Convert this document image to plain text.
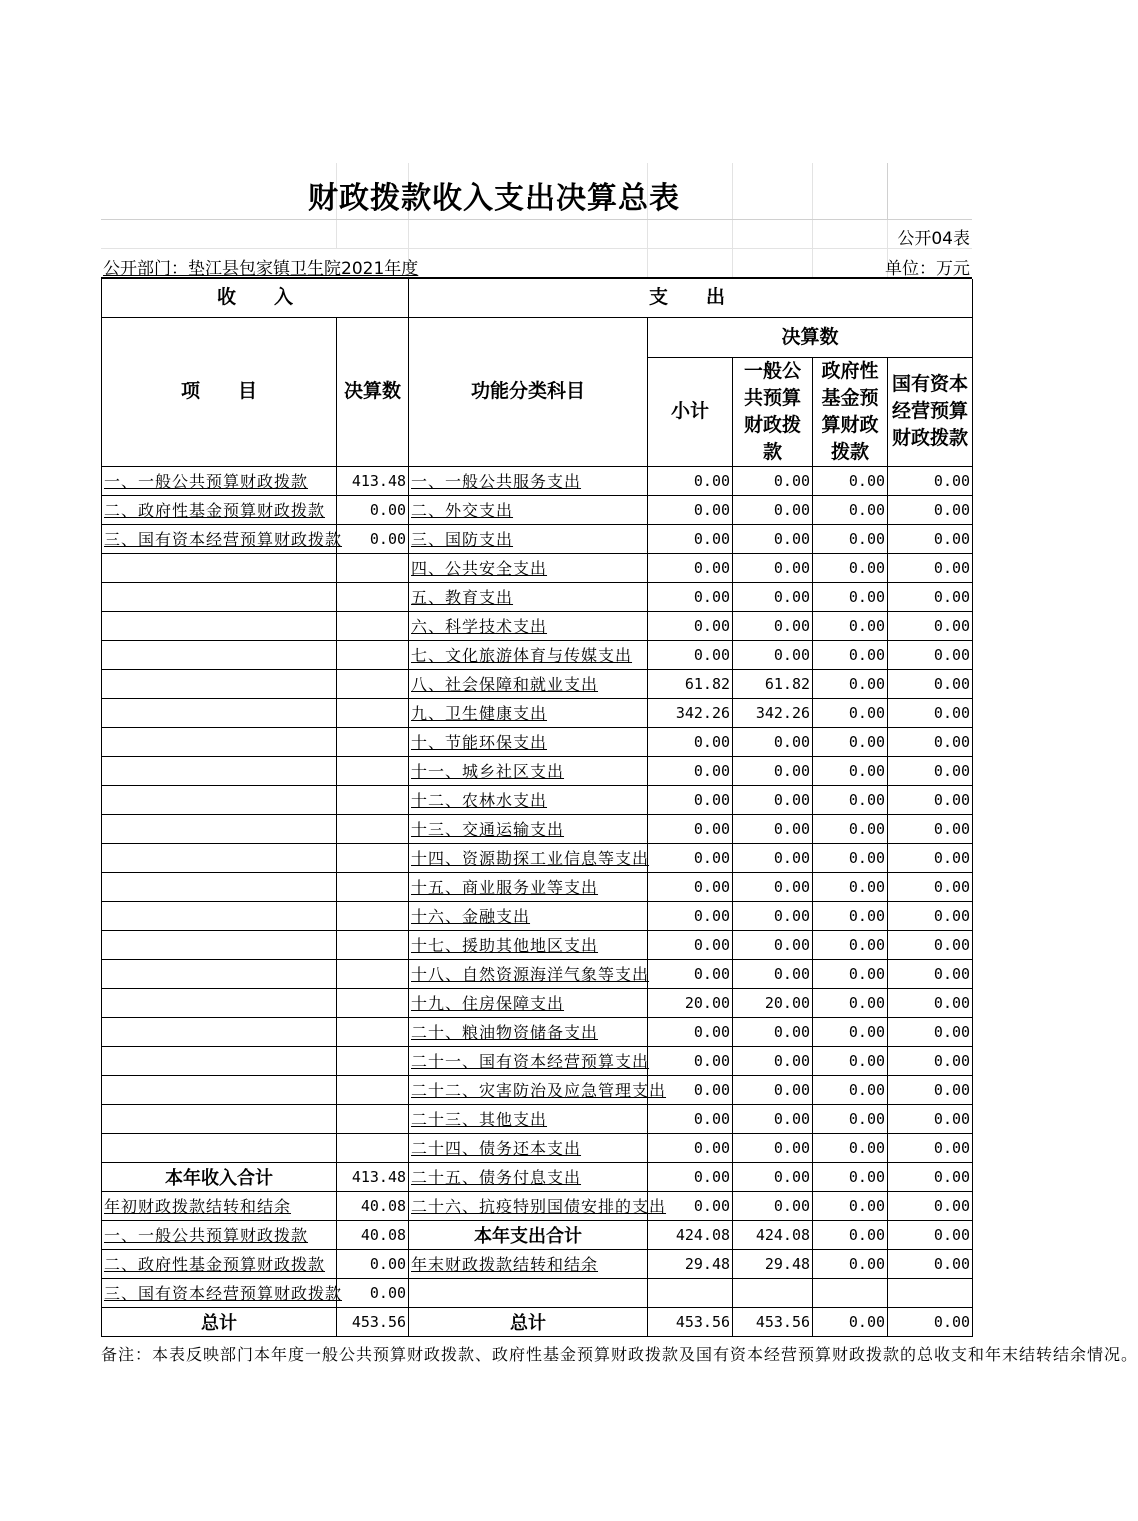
财政拨款收入支出决算总表
公开04表
公开部门：垫江县包家镇卫生院2021年度	单位：万元
收　　入		支　　出				
项　　目	决算数	功能分类科目	决算数			
			小计	一般公共预算财政拨款	政府性基金预算财政拨款	国有资本经营预算财政拨款
一、一般公共预算财政拨款	413.48	一、一般公共服务支出	0.00	0.00	0.00	0.00
二、政府性基金预算财政拨款	0.00	二、外交支出	0.00	0.00	0.00	0.00
三、国有资本经营预算财政拨款	0.00	三、国防支出	0.00	0.00	0.00	0.00
		四、公共安全支出	0.00	0.00	0.00	0.00
		五、教育支出	0.00	0.00	0.00	0.00
		六、科学技术支出	0.00	0.00	0.00	0.00
		七、文化旅游体育与传媒支出	0.00	0.00	0.00	0.00
		八、社会保障和就业支出	61.82	61.82	0.00	0.00
		九、卫生健康支出	342.26	342.26	0.00	0.00
		十、节能环保支出	0.00	0.00	0.00	0.00
		十一、城乡社区支出	0.00	0.00	0.00	0.00
		十二、农林水支出	0.00	0.00	0.00	0.00
		十三、交通运输支出	0.00	0.00	0.00	0.00
		十四、资源勘探工业信息等支出	0.00	0.00	0.00	0.00
		十五、商业服务业等支出	0.00	0.00	0.00	0.00
		十六、金融支出	0.00	0.00	0.00	0.00
		十七、援助其他地区支出	0.00	0.00	0.00	0.00
		十八、自然资源海洋气象等支出	0.00	0.00	0.00	0.00
		十九、住房保障支出	20.00	20.00	0.00	0.00
		二十、粮油物资储备支出	0.00	0.00	0.00	0.00
		二十一、国有资本经营预算支出	0.00	0.00	0.00	0.00
		二十二、灾害防治及应急管理支出	0.00	0.00	0.00	0.00
		二十三、其他支出	0.00	0.00	0.00	0.00
		二十四、债务还本支出	0.00	0.00	0.00	0.00
本年收入合计	413.48	二十五、债务付息支出	0.00	0.00	0.00	0.00
年初财政拨款结转和结余	40.08	二十六、抗疫特别国债安排的支出	0.00	0.00	0.00	0.00
一、一般公共预算财政拨款	40.08	本年支出合计	424.08	424.08	0.00	0.00
二、政府性基金预算财政拨款	0.00	年末财政拨款结转和结余	29.48	29.48	0.00	0.00
三、国有资本经营预算财政拨款	0.00					
总计	453.56	总计	453.56	453.56	0.00	0.00
备注：本表反映部门本年度一般公共预算财政拨款、政府性基金预算财政拨款及国有资本经营预算财政拨款的总收支和年末结转结余情况。
